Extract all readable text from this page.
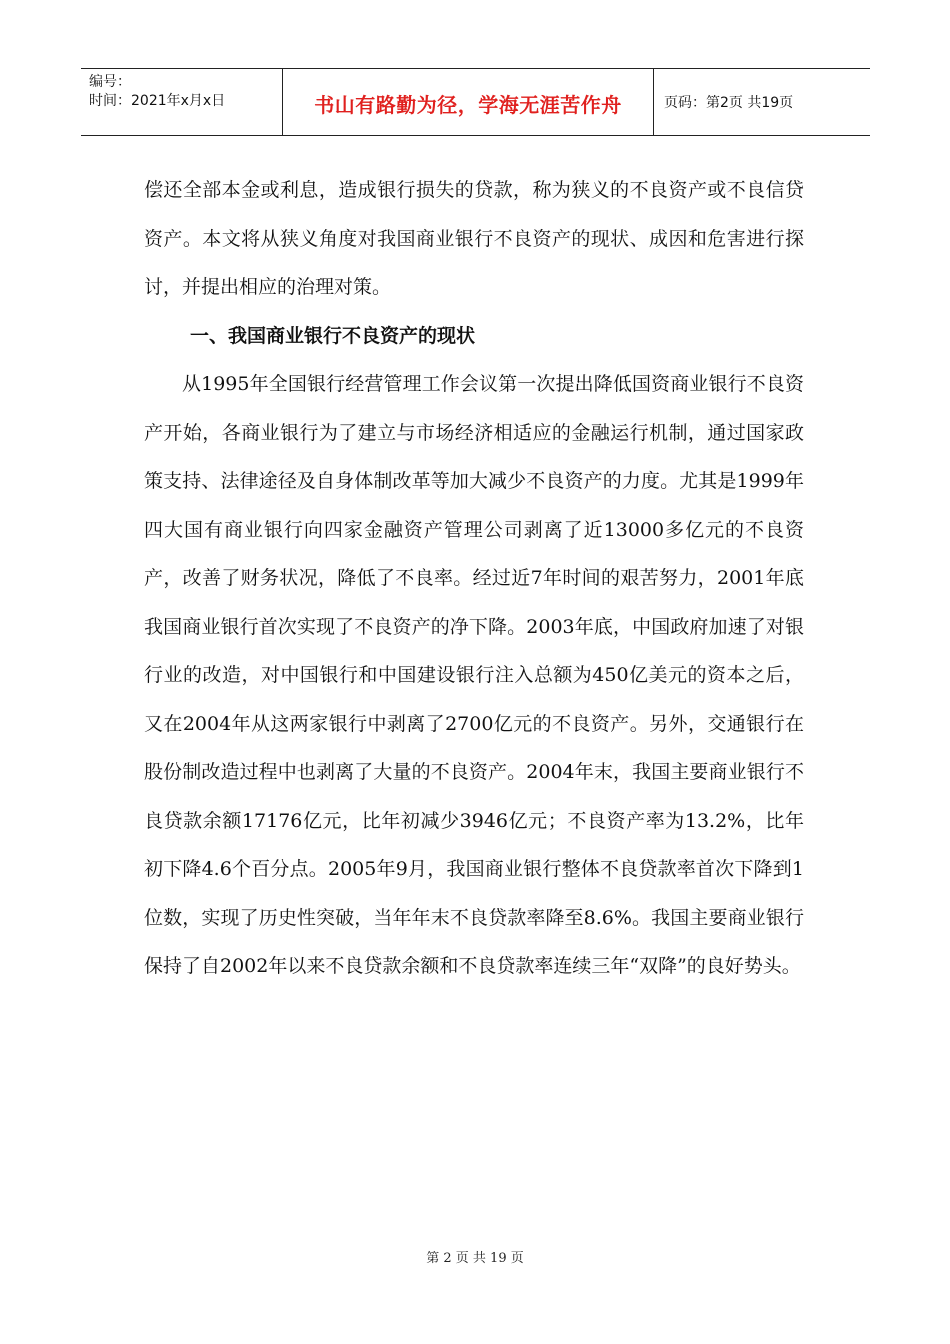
编号：
时间：2021年x月x日	书山有路勤为径，学海无涯苦作舟	页码：第2页 共19页

偿还全部本金或利息，造成银行损失的贷款，称为狭义的不良资产或不良信贷资产。本文将从狭义角度对我国商业银行不良资产的现状、成因和危害进行探讨，并提出相应的治理对策。

一、我国商业银行不良资产的现状

从1995年全国银行经营管理工作会议第一次提出降低国资商业银行不良资产开始，各商业银行为了建立与市场经济相适应的金融运行机制，通过国家政策支持、法律途径及自身体制改革等加大减少不良资产的力度。尤其是1999年四大国有商业银行向四家金融资产管理公司剥离了近13000多亿元的不良资产，改善了财务状况，降低了不良率。经过近7年时间的艰苦努力，2001年底我国商业银行首次实现了不良资产的净下降。2003年底，中国政府加速了对银行业的改造，对中国银行和中国建设银行注入总额为450亿美元的资本之后，又在2004年从这两家银行中剥离了2700亿元的不良资产。另外，交通银行在股份制改造过程中也剥离了大量的不良资产。2004年末，我国主要商业银行不良贷款余额17176亿元，比年初减少3946亿元；不良资产率为13.2%，比年初下降4.6个百分点。2005年9月，我国商业银行整体不良贷款率首次下降到1位数，实现了历史性突破，当年年末不良贷款率降至8.6%。我国主要商业银行保持了自2002年以来不良贷款余额和不良贷款率连续三年“双降”的良好势头。

第 2 页 共 19 页
